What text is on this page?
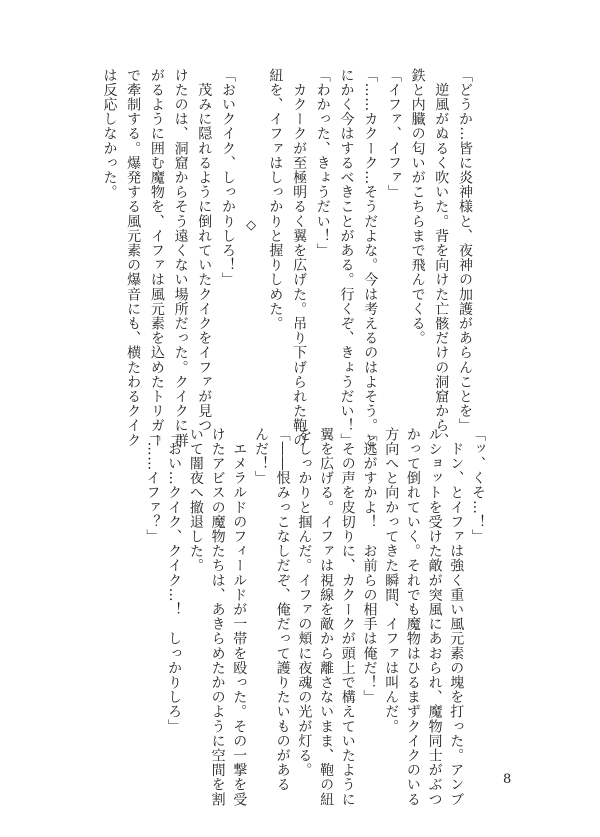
「どうか…皆に炎神様と、夜神の加護があらんことを」

　逆風がぬるく吹いた。背を向けた亡骸だけの洞窟から、

鉄と内臓の匂いがこちらまで飛んでくる。

「イファ、イファ」

「……カクーク…そうだよな。今は考えるのはよそう。と

にかく今はするべきことがある。行くぞ、きょうだい！」

「わかった、きょうだい！」

　カクークが至極明るく翼を広げた。吊り下げられた鞄の

紐を、イファはしっかりと握りしめた。

◇

「おいクイク、しっかりしろ！」

　茂みに隠れるように倒れていたクイクをイファが見つ

けたのは、洞窟からそう遠くない場所だった。クイクに群

がるように囲む魔物を、イファは風元素を込めたトリガー

で牽制する。爆発する風元素の爆音にも、横たわるクイク

は反応しなかった。

「ッ、くそ…！」

　ドン、とイファは強く重い風元素の塊を打った。アンブ

ルショットを受けた敵が突風にあおられ、魔物同士がぶつ

かって倒れていく。それでも魔物はひるまずクイクのいる

方向へと向かってきた瞬間、イファは叫んだ。

「逃がすかよ！　お前らの相手は俺だ！」

　その声を皮切りに、カクークが頭上で構えていたように

翼を広げる。イファは視線を敵から離さないまま、鞄の紐

をしっかりと掴んだ。イファの頬に夜魂の光が灯る。

「――恨みっこなしだぞ、俺だって護りたいものがある

んだ！」

　エメラルドのフィールドが一帯を殴った。その一撃を受

けたアビスの魔物たちは、あきらめたかのように空間を割

いて闇夜へ撤退した。

「おい…クイク、クイク…！　しっかりしろ」

「……イファ？」

8
